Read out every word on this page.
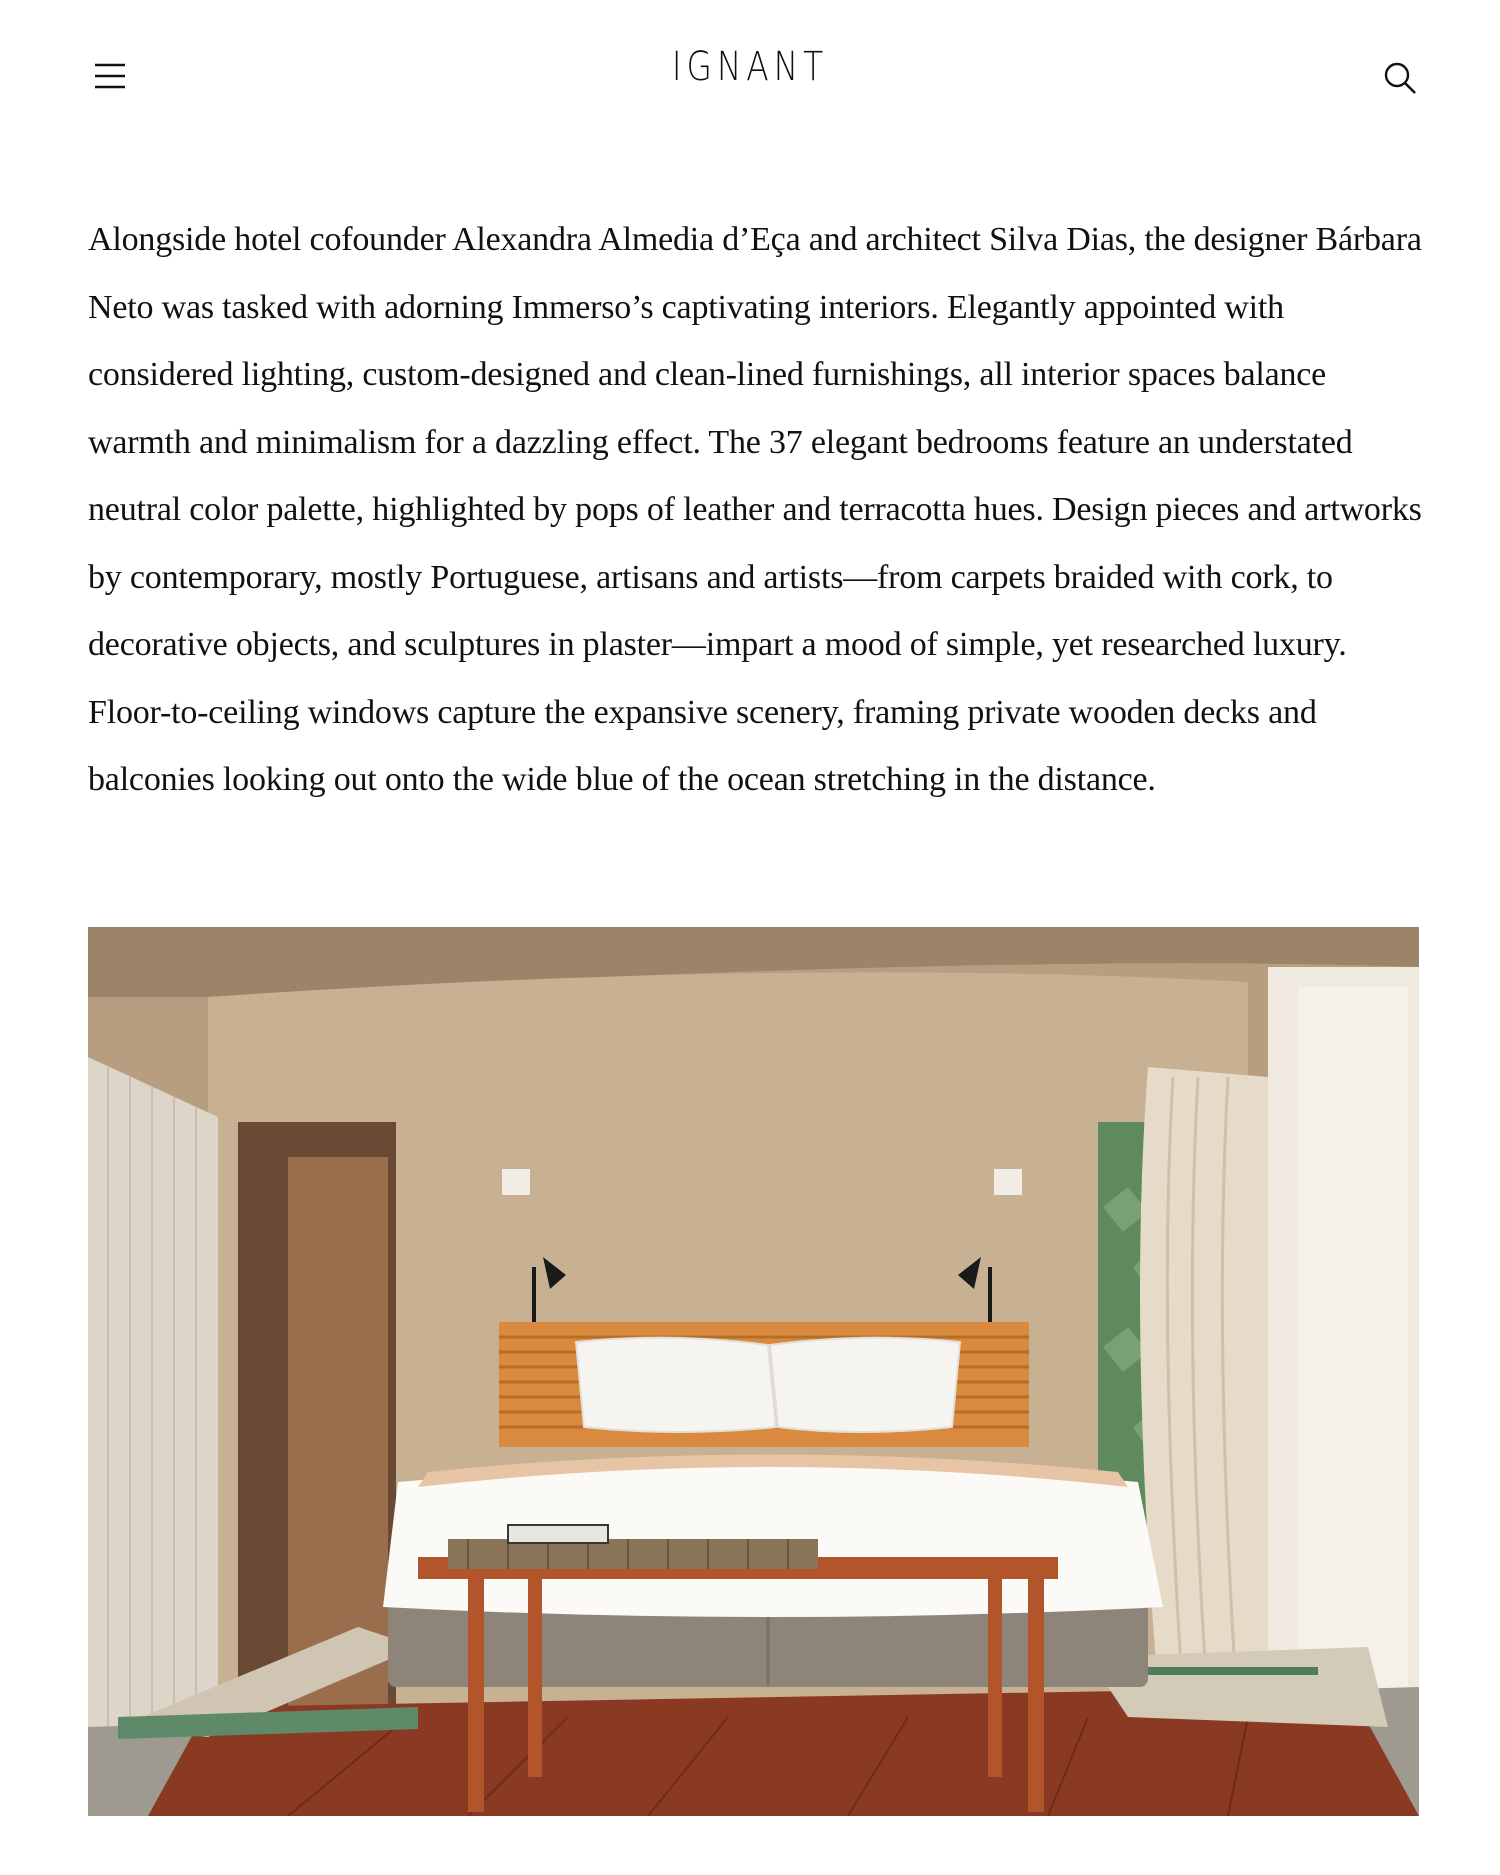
IGNANT

Alongside hotel cofounder Alexandra Almedia d’Eça and architect Silva Dias, the designer Bárbara Neto was tasked with adorning Immerso’s captivating interiors. Elegantly appointed with considered lighting, custom-designed and clean-lined furnishings, all interior spaces balance warmth and minimalism for a dazzling effect. The 37 elegant bedrooms feature an understated neutral color palette, highlighted by pops of leather and terracotta hues. Design pieces and artworks by contemporary, mostly Portuguese, artisans and artists—from carpets braided with cork, to decorative objects, and sculptures in plaster—impart a mood of simple, yet researched luxury. Floor-to-ceiling windows capture the expansive scenery, framing private wooden decks and balconies looking out onto the wide blue of the ocean stretching in the distance.
